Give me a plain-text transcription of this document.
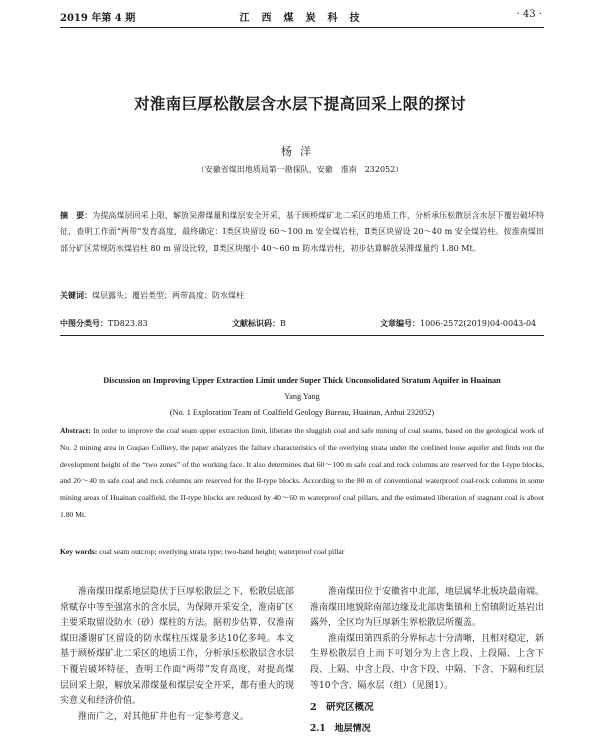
2019 年第 4 期	江　西　煤　炭　科　技	· 43 ·
对淮南巨厚松散层含水层下提高回采上限的探讨
杨洋
（安徽省煤田地质局第一勘探队，安徽　淮南　232052）
摘　要：为提高煤层回采上限，解放呆滞煤量和煤层安全开采，基于顾桥煤矿北二采区的地质工作，分析承压松散层含水层下覆岩破坏特征，查明工作面“两带”发育高度，最终确定：Ⅰ类区块留设 60～100 m 安全煤岩柱，Ⅱ类区块留设 20～40 m 安全煤岩柱。按淮南煤田部分矿区常规防水煤岩柱 80 m 留设比较，Ⅱ类区块缩小 40～60 m 防水煤岩柱，初步估算解放呆滞煤量约 1.80 Mt。
关键词：煤层露头；覆岩类型；两带高度；防水煤柱
中图分类号：TD823.83	文献标识码：B	文章编号：1006-2572(2019)04-0043-04
Discussion on Improving Upper Extraction Limit under Super Thick Unconsolidated Stratum Aquifer in Huainan
Yang Yang
(No. 1 Exploration Team of Coalfield Geology Bureau, Huainan, Anhui 232052)
Abstract: In order to improve the coal seam upper extraction limit, liberate the sluggish coal and safe mining of coal seams, based on the geological work of No. 2 mining area in Guqiao Colliery, the paper analyzes the failure characteristics of the overlying strata under the confined loose aquifer and finds out the development height of the “two zones” of the working face. It also determines that 60～100 m safe coal and rock columns are reserved for the I-type blocks, and 20～40 m safe coal and rock columns are reserved for the II-type blocks. According to the 80 m of conventional waterproof coal-rock columns in some mining areas of Huainan coalfield, the II-type blocks are reduced by 40～60 m waterproof coal pillars, and the estimated liberation of stagnant coal is about 1.80 Mt.
Key words: coal seam outcrop; overlying strata type; two-hand height; waterproof coal pillar

淮南煤田煤系地层隐伏于巨厚松散层之下，松散层底部常赋存中等至强富水的含水层，为保障开采安全，淮南矿区主要采取留设防水（砂）煤柱的方法。据初步估算，仅淮南煤田潘谢矿区留设的防水煤柱压煤量多达10亿多吨。本文基于顾桥煤矿北二采区的地质工作，分析承压松散层含水层下覆岩破坏特征，查明工作面“两带”发育高度，对提高煤层回采上限，解放呆滞煤量和煤层安全开采，都有重大的现实意义和经济价值。

推而广之，对其他矿井也有一定参考意义。

淮南煤田位于安徽省中北部，地层属华北板块最南端。淮南煤田地貌除南部边缘及北部唐集镇和上窑镇附近基岩出露外，全区均为巨厚新生界松散层所覆盖。

淮南煤田第四系的分界标志十分清晰，且相对稳定，新生界松散层自上而下可划分为上含上段、上段隔、上含下段、上隔、中含上段、中含下段、中隔、下含、下隔和红层等10个含、隔水层（组）（见图1）。

2　研究区概况
2.1　地层情况
